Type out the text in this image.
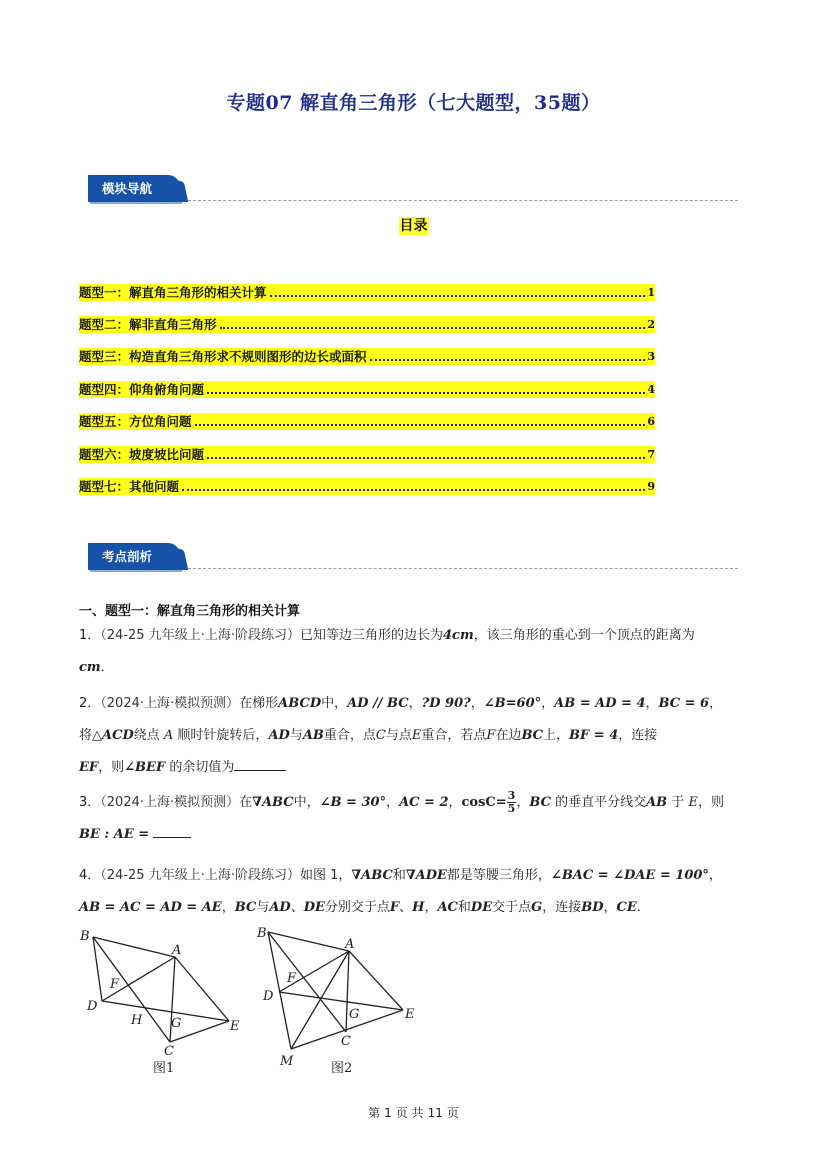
专题07 解直角三角形（七大题型，35题）
模块导航
目录
题型一：解直角三角形的相关计算	1
题型二：解非直角三角形	2
题型三：构造直角三角形求不规则图形的边长或面积	3
题型四：仰角俯角问题	4
题型五：方位角问题	6
题型六：坡度坡比问题	7
题型七：其他问题	9
考点剖析
一、题型一：解直角三角形的相关计算
1．（24-25 九年级上·上海·阶段练习）已知等边三角形的边长为4cm，该三角形的重心到一个顶点的距离为
cm．
2．（2024·上海·模拟预测）在梯形ABCD中，AD // BC，?D 90?，∠B=60°，AB = AD = 4，BC = 6，
将△ACD绕点 A 顺时针旋转后，AD与AB重合，点C与点E重合，若点F在边BC上，BF = 4，连接
EF，则∠BEF 的余切值为
3．（2024·上海·模拟预测）在∇ABC中，∠B = 30°，AC = 2，$\cos C= \frac{3}{5}$ ，BC 的垂直平分线交AB 于 E，则
BE : AE =
4．（24-25 九年级上·上海·阶段练习）如图 1，∇ABC和∇ADE都是等腰三角形，∠BAC = ∠DAE = 100°，
AB = AC = AD = AE，BC与AD、DE分别交于点F、H，AC和DE交于点G，连接BD，CE．
B
A
F
D
H G	E
C
图1
B
A
F
D
G	E
C
M	图2
第 1 页 共 11 页
